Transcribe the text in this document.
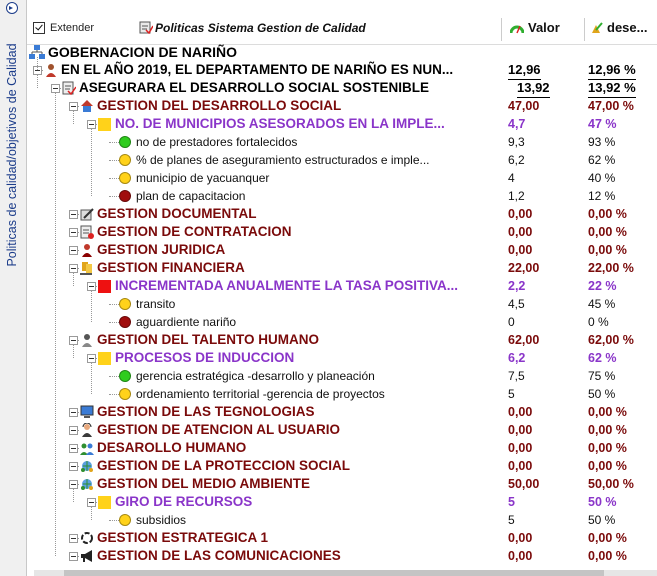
Politicas de calidad/objetivos de Calidad
Extender	Politicas Sistema Gestion de Calidad	Valor	dese...
GOBERNACION DE NARIÑO
EN EL AÑO 2019, EL DEPARTAMENTO DE NARIÑO ES NUN...	12,96	12,96 %
ASEGURARA EL DESARROLLO SOCIAL SOSTENIBLE	13,92	13,92 %
GESTION DEL DESARROLLO SOCIAL	47,00	47,00 %
NO. DE MUNICIPIOS ASESORADOS EN LA IMPLE...	4,7	47 %
no de prestadores fortalecidos	9,3	93 %
% de planes de aseguramiento estructurados e imple...	6,2	62 %
municipio de yacuanquer	4	40 %
plan de capacitacion	1,2	12 %
GESTION DOCUMENTAL	0,00	0,00 %
GESTION DE CONTRATACION	0,00	0,00 %
GESTION JURIDICA	0,00	0,00 %
GESTION FINANCIERA	22,00	22,00 %
INCREMENTADA ANUALMENTE LA TASA POSITIVA...	2,2	22 %
transito	4,5	45 %
aguardiente nariño	0	0 %
GESTION DEL TALENTO HUMANO	62,00	62,00 %
PROCESOS DE INDUCCION	6,2	62 %
gerencia estratégica -desarrollo y planeación	7,5	75 %
ordenamiento territorial -gerencia de proyectos	5	50 %
GESTION DE LAS TEGNOLOGIAS	0,00	0,00 %
GESTION DE ATENCION AL USUARIO	0,00	0,00 %
DESAROLLO HUMANO	0,00	0,00 %
GESTION DE LA PROTECCION SOCIAL	0,00	0,00 %
GESTION DEL MEDIO AMBIENTE	50,00	50,00 %
GIRO DE RECURSOS	5	50 %
subsidios	5	50 %
GESTION ESTRATEGICA 1	0,00	0,00 %
GESTION DE LAS COMUNICACIONES	0,00	0,00 %
